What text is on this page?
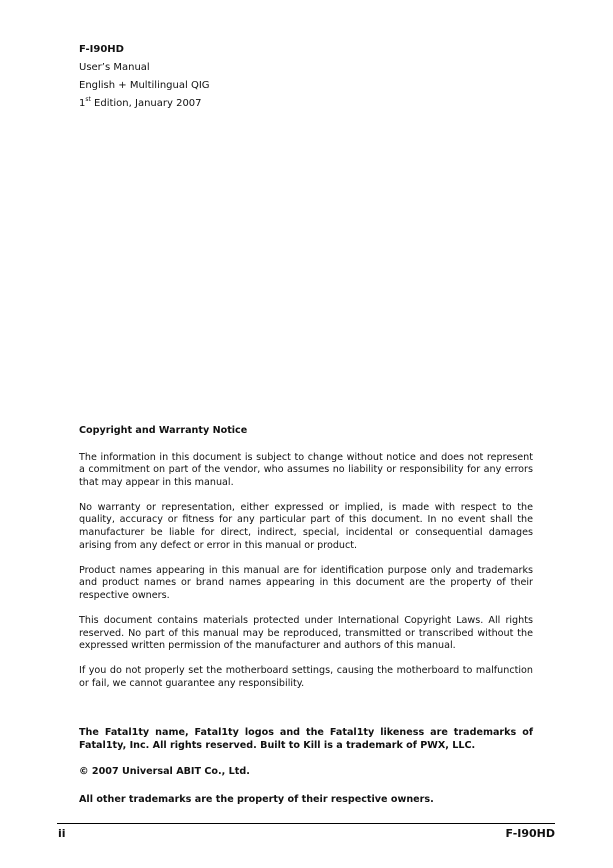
F-I90HD
User’s Manual
English + Multilingual QIG
1st Edition, January 2007

Copyright and Warranty Notice

The information in this document is subject to change without notice and does not represent a commitment on part of the vendor, who assumes no liability or responsibility for any errors that may appear in this manual.

No warranty or representation, either expressed or implied, is made with respect to the quality, accuracy or fitness for any particular part of this document. In no event shall the manufacturer be liable for direct, indirect, special, incidental or consequential damages arising from any defect or error in this manual or product.

Product names appearing in this manual are for identification purpose only and trademarks and product names or brand names appearing in this document are the property of their respective owners.

This document contains materials protected under International Copyright Laws. All rights reserved. No part of this manual may be reproduced, transmitted or transcribed without the expressed written permission of the manufacturer and authors of this manual.

If you do not properly set the motherboard settings, causing the motherboard to malfunction or fail, we cannot guarantee any responsibility.

The Fatal1ty name, Fatal1ty logos and the Fatal1ty likeness are trademarks of Fatal1ty, Inc. All rights reserved. Built to Kill is a trademark of PWX, LLC.

© 2007 Universal ABIT Co., Ltd.

All other trademarks are the property of their respective owners.

ii	F-I90HD
